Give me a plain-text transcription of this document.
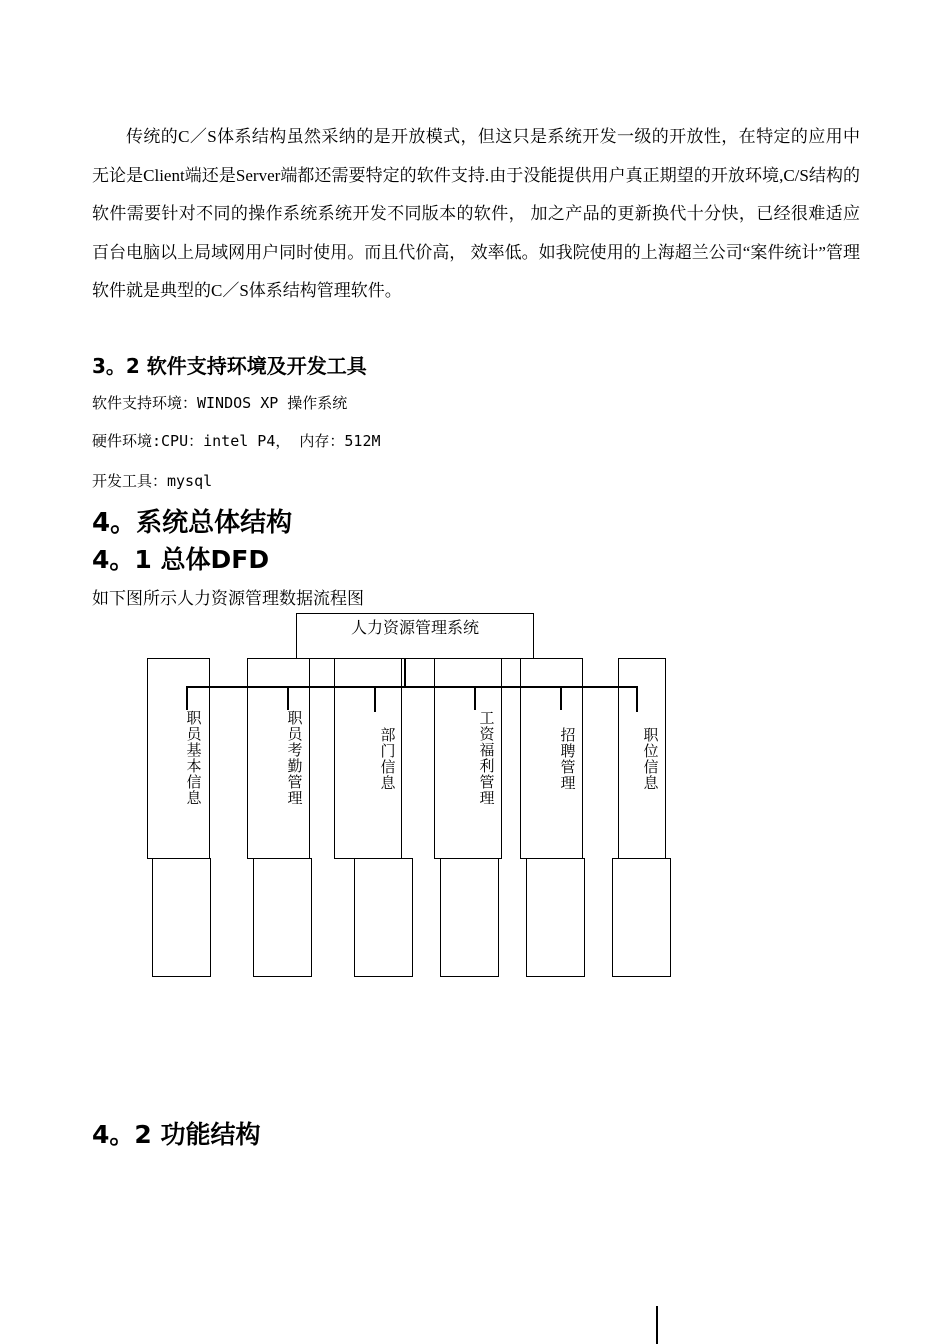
传统的C／S体系结构虽然采纳的是开放模式，但这只是系统开发一级的开放性，在特定的应用中无论是Client端还是Server端都还需要特定的软件支持.由于没能提供用户真正期望的开放环境,C/S结构的软件需要针对不同的操作系统系统开发不同版本的软件， 加之产品的更新换代十分快，已经很难适应百台电脑以上局域网用户同时使用。而且代价高， 效率低。如我院使用的上海超兰公司“案件统计”管理软件就是典型的C／S体系结构管理软件。

3。2 软件支持环境及开发工具

软件支持环境：WINDOS XP 操作系统

硬件环境:CPU：intel P4， 内存：512M

开发工具：mysql

4。系统总体结构
4。1 总体DFD

如下图所示人力资源管理数据流程图

人力资源管理系统
职员基本信息
职员考勤管理
部门信息
工资福利管理
招聘管理
职位信息
4。2 功能结构
